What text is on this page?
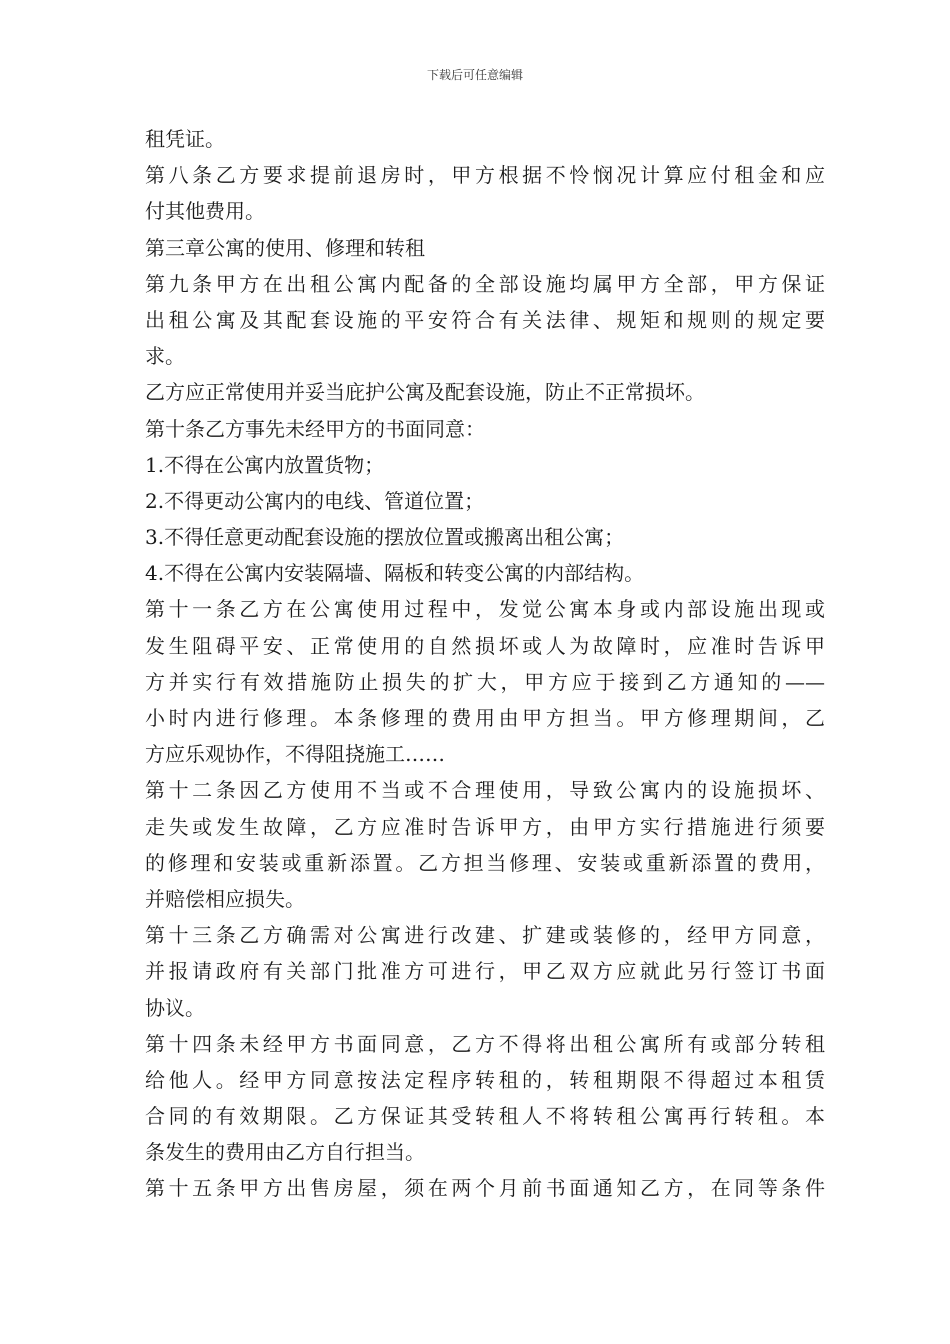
下载后可任意编辑
租凭证。
第八条乙方要求提前退房时，甲方根据不怜悯况计算应付租金和应
付其他费用。
第三章公寓的使用、修理和转租
第九条甲方在出租公寓内配备的全部设施均属甲方全部，甲方保证
出租公寓及其配套设施的平安符合有关法律、规矩和规则的规定要
求。
乙方应正常使用并妥当庇护公寓及配套设施，防止不正常损坏。
第十条乙方事先未经甲方的书面同意：
1.不得在公寓内放置货物；
2.不得更动公寓内的电线、管道位置；
3.不得任意更动配套设施的摆放位置或搬离出租公寓；
4.不得在公寓内安装隔墙、隔板和转变公寓的内部结构。
第十一条乙方在公寓使用过程中，发觉公寓本身或内部设施出现或
发生阻碍平安、正常使用的自然损坏或人为故障时，应准时告诉甲
方并实行有效措施防止损失的扩大，甲方应于接到乙方通知的——
小时内进行修理。本条修理的费用由甲方担当。甲方修理期间，乙
方应乐观协作，不得阻挠施工……
第十二条因乙方使用不当或不合理使用，导致公寓内的设施损坏、
走失或发生故障，乙方应准时告诉甲方，由甲方实行措施进行须要
的修理和安装或重新添置。乙方担当修理、安装或重新添置的费用，
并赔偿相应损失。
第十三条乙方确需对公寓进行改建、扩建或装修的，经甲方同意，
并报请政府有关部门批准方可进行，甲乙双方应就此另行签订书面
协议。
第十四条未经甲方书面同意，乙方不得将出租公寓所有或部分转租
给他人。经甲方同意按法定程序转租的，转租期限不得超过本租赁
合同的有效期限。乙方保证其受转租人不将转租公寓再行转租。本
条发生的费用由乙方自行担当。
第十五条甲方出售房屋，须在两个月前书面通知乙方，在同等条件
